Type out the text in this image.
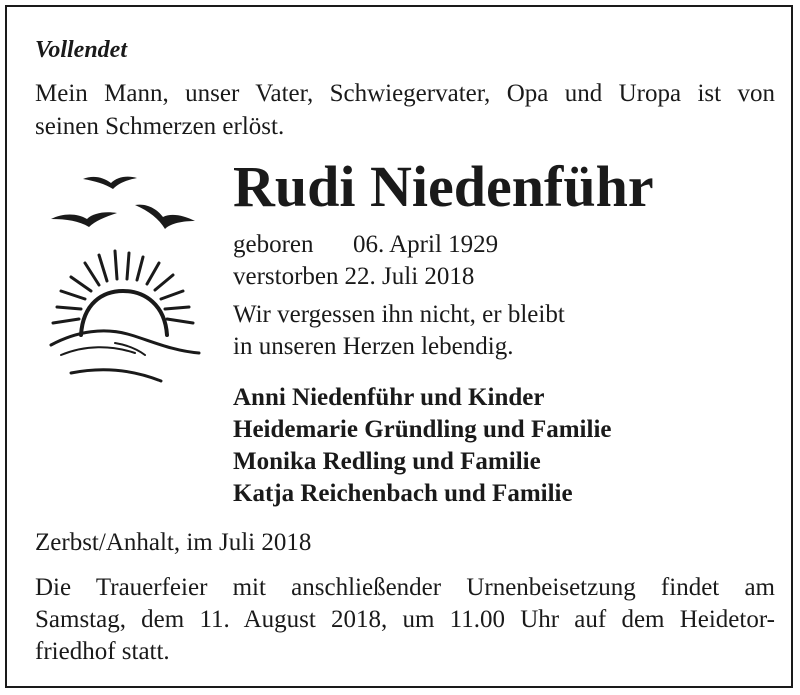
Vollendet
Mein Mann, unser Vater, Schwiegervater, Opa und Uropa ist von
seinen Schmerzen erlöst.
Rudi Niedenführ
geboren 06. April 1929
verstorben 22. Juli 2018
Wir vergessen ihn nicht, er bleibt
in unseren Herzen lebendig.
Anni Niedenführ und Kinder
Heidemarie Gründling und Familie
Monika Redling und Familie
Katja Reichenbach und Familie
Zerbst/Anhalt, im Juli 2018
Die Trauerfeier mit anschließender Urnenbeisetzung findet am
Samstag, dem 11. August 2018, um 11.00 Uhr auf dem Heidetor-
friedhof statt.
